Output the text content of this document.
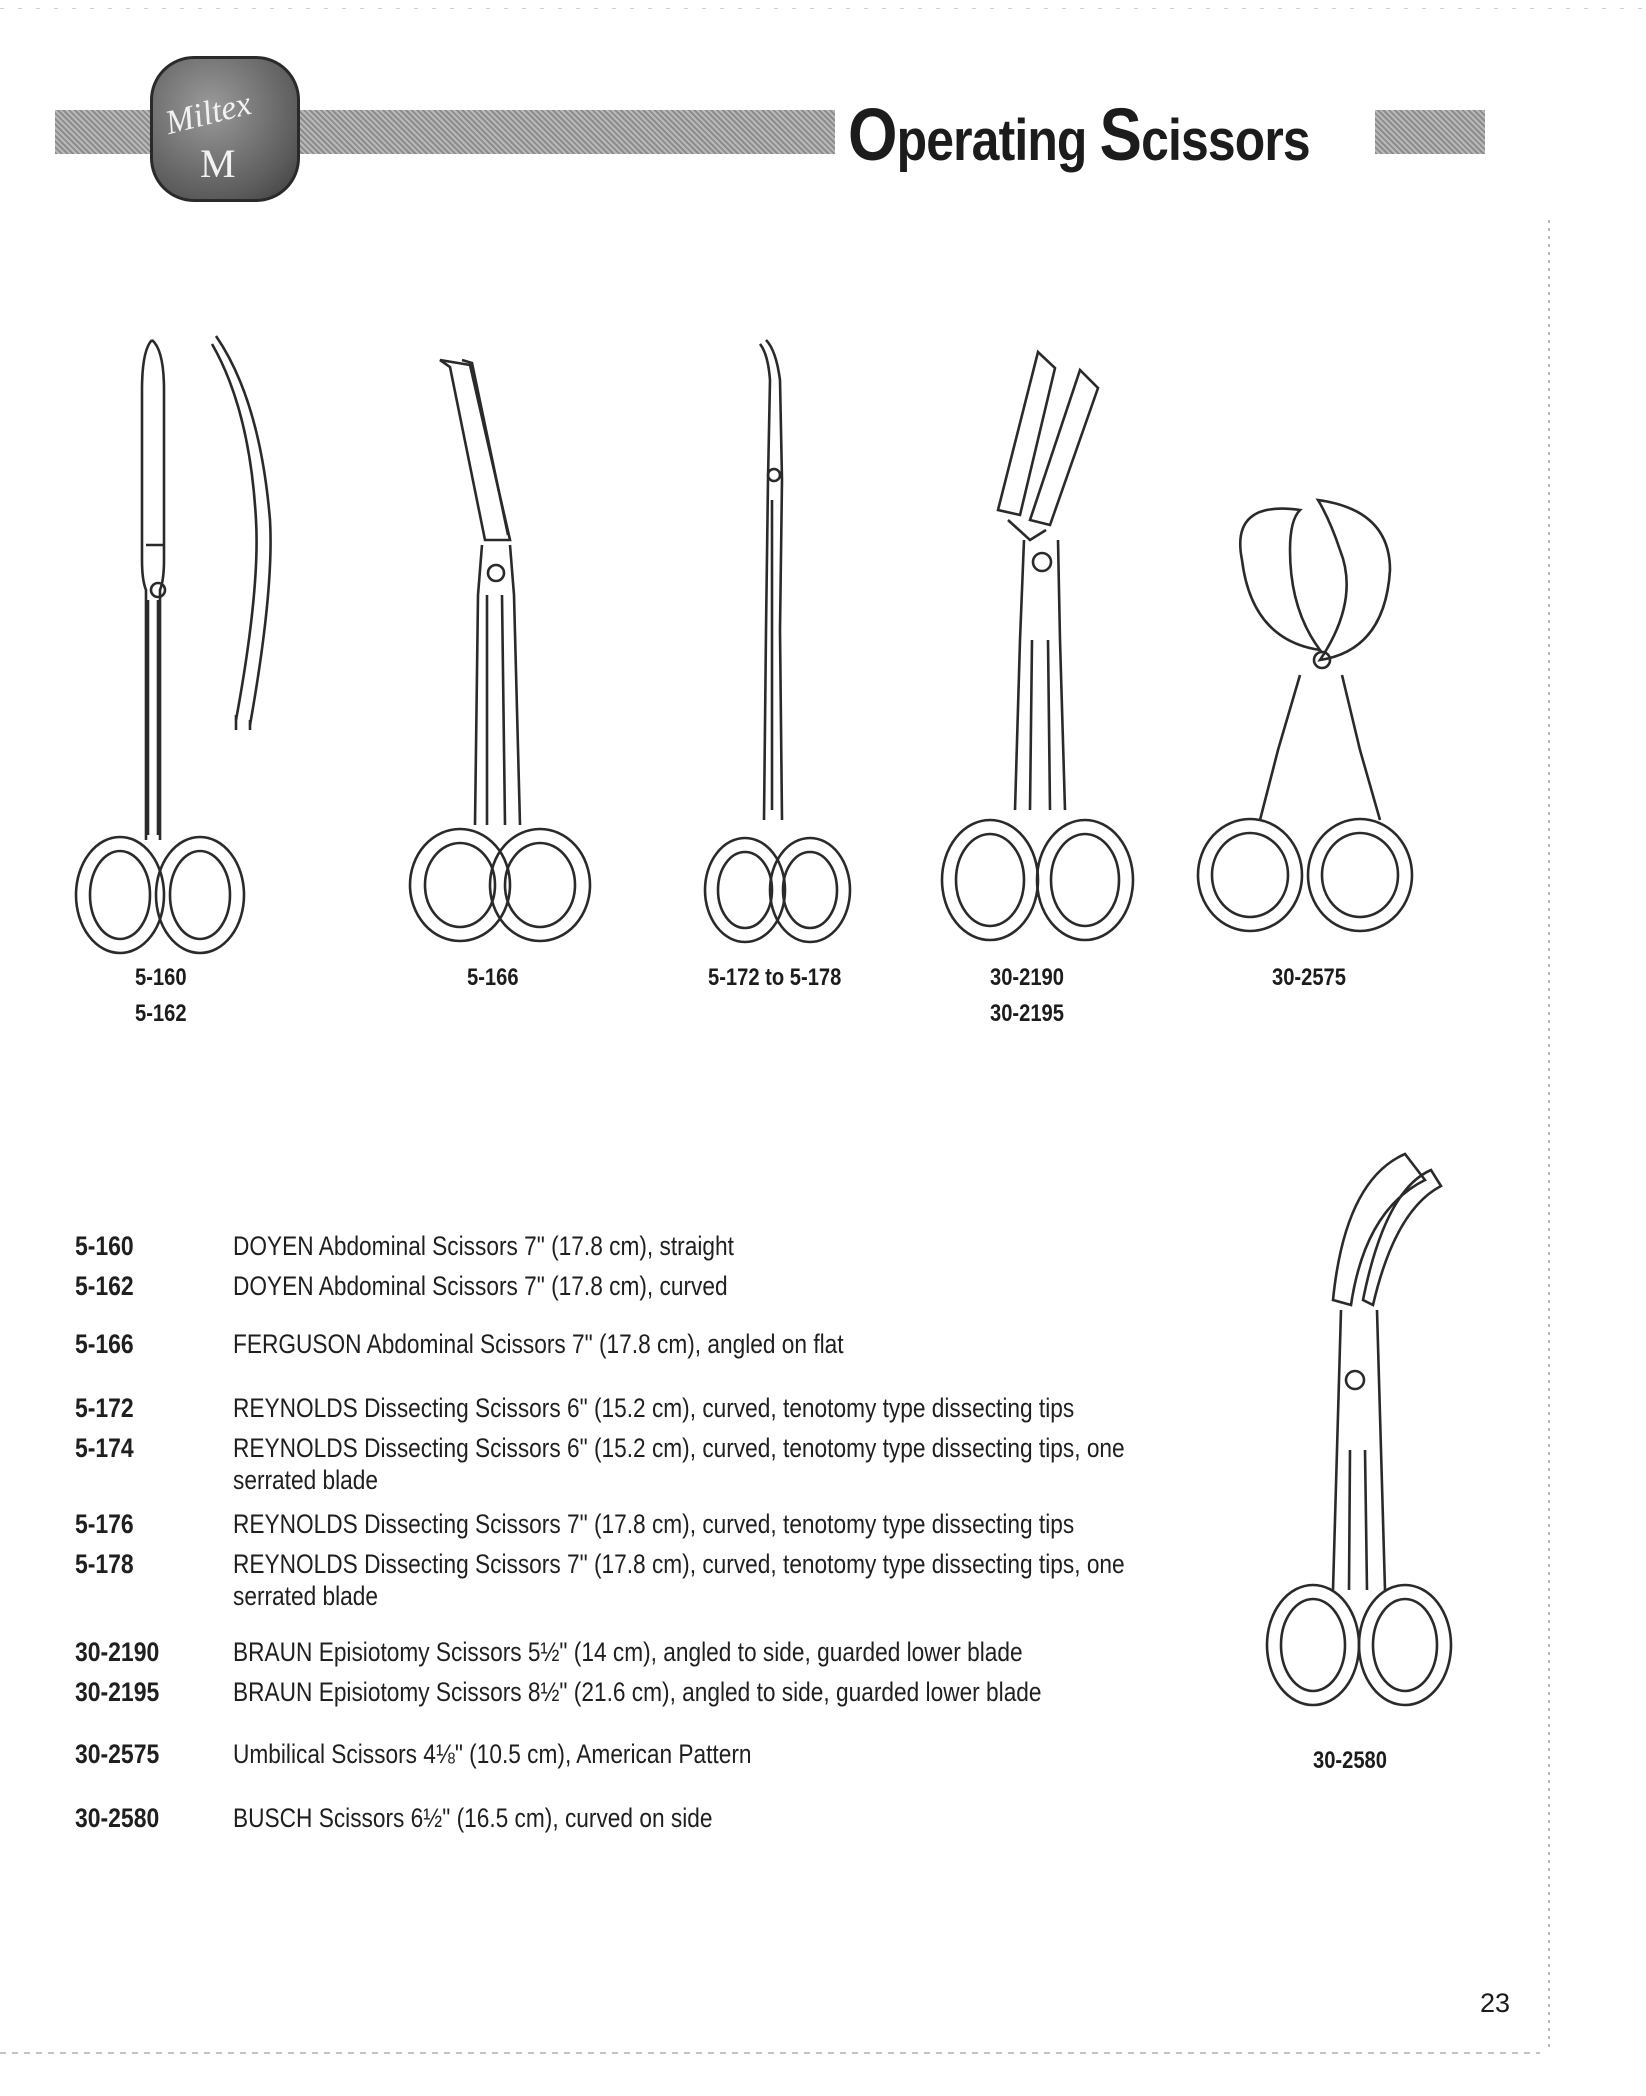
Miltex
M	Operating Scissors
5-160
5-162
5-166	5-172 to 5-178	30-2190
30-2195
30-2575
30-2580
5-160	DOYEN Abdominal Scissors 7" (17.8 cm), straight
5-162	DOYEN Abdominal Scissors 7" (17.8 cm), curved
5-166	FERGUSON Abdominal Scissors 7" (17.8 cm), angled on flat
5-172	REYNOLDS Dissecting Scissors 6" (15.2 cm), curved, tenotomy type dissecting tips
5-174	REYNOLDS Dissecting Scissors 6" (15.2 cm), curved, tenotomy type dissecting tips, one serrated blade
5-176	REYNOLDS Dissecting Scissors 7" (17.8 cm), curved, tenotomy type dissecting tips
5-178	REYNOLDS Dissecting Scissors 7" (17.8 cm), curved, tenotomy type dissecting tips, one serrated blade
30-2190	BRAUN Episiotomy Scissors 5½" (14 cm), angled to side, guarded lower blade
30-2195	BRAUN Episiotomy Scissors 8½" (21.6 cm), angled to side, guarded lower blade
30-2575	Umbilical Scissors 4⅛" (10.5 cm), American Pattern
30-2580	BUSCH Scissors 6½" (16.5 cm), curved on side
23
